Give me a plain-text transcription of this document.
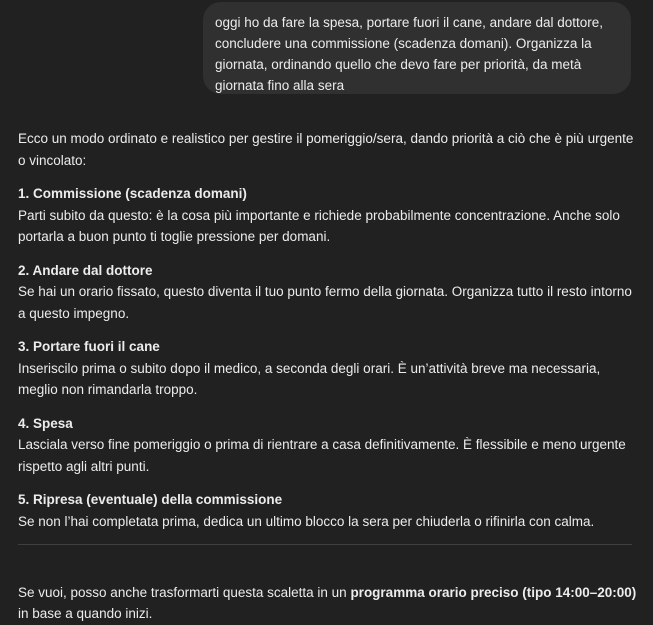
oggi ho da fare la spesa, portare fuori il cane, andare dal dottore, concludere una commissione (scadenza domani). Organizza la giornata, ordinando quello che devo fare per priorità, da metà giornata fino alla sera

Ecco un modo ordinato e realistico per gestire il pomeriggio/sera, dando priorità a ciò che è più urgente o vincolato:

1. Commissione (scadenza domani)

Parti subito da questo: è la cosa più importante e richiede probabilmente concentrazione. Anche solo portarla a buon punto ti toglie pressione per domani.

2. Andare dal dottore

Se hai un orario fissato, questo diventa il tuo punto fermo della giornata. Organizza tutto il resto intorno a questo impegno.

3. Portare fuori il cane

Inseriscilo prima o subito dopo il medico, a seconda degli orari. È un’attività breve ma necessaria, meglio non rimandarla troppo.

4. Spesa

Lasciala verso fine pomeriggio o prima di rientrare a casa definitivamente. È flessibile e meno urgente rispetto agli altri punti.

5. Ripresa (eventuale) della commissione

Se non l’hai completata prima, dedica un ultimo blocco la sera per chiuderla o rifinirla con calma.

Se vuoi, posso anche trasformarti questa scaletta in un programma orario preciso (tipo 14:00–20:00) in base a quando inizi.
